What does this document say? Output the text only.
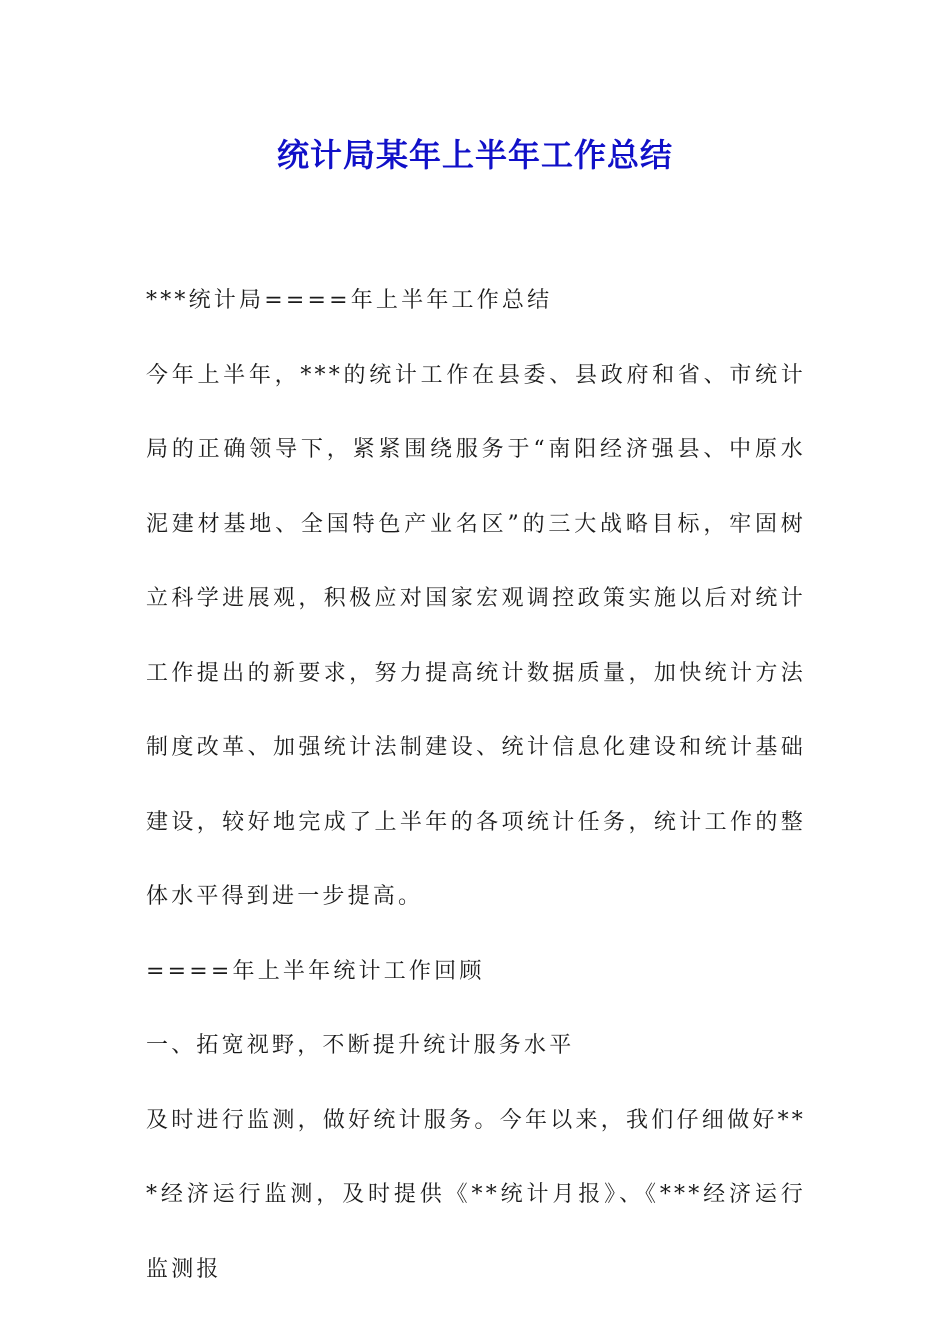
统计局某年上半年工作总结

***统计局====年上半年工作总结

今年上半年，***的统计工作在县委、县政府和省、市统计局的正确领导下，紧紧围绕服务于“南阳经济强县、中原水泥建材基地、全国特色产业名区”的三大战略目标，牢固树立科学进展观，积极应对国家宏观调控政策实施以后对统计工作提出的新要求，努力提高统计数据质量，加快统计方法制度改革、加强统计法制建设、统计信息化建设和统计基础建设，较好地完成了上半年的各项统计任务，统计工作的整体水平得到进一步提高。

====年上半年统计工作回顾

一、拓宽视野，不断提升统计服务水平

及时进行监测，做好统计服务。今年以来，我们仔细做好***经济运行监测，及时提供《**统计月报》、《***经济运行监测报
